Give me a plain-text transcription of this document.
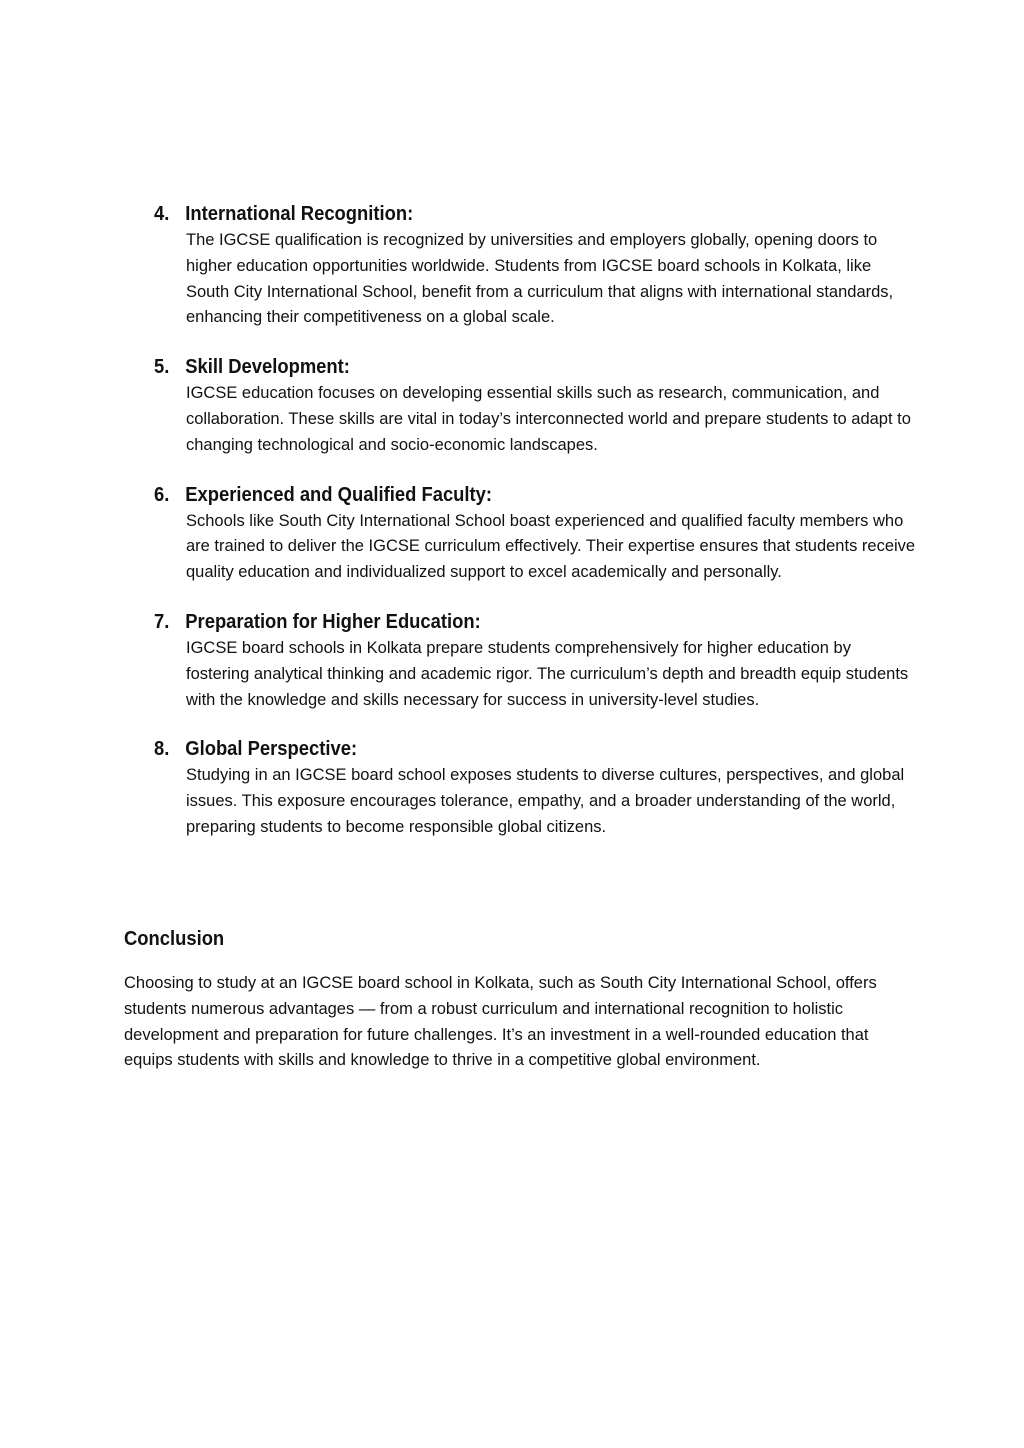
4. International Recognition:
The IGCSE qualification is recognized by universities and employers globally, opening doors to higher education opportunities worldwide. Students from IGCSE board schools in Kolkata, like South City International School, benefit from a curriculum that aligns with international standards, enhancing their competitiveness on a global scale.
5. Skill Development:
IGCSE education focuses on developing essential skills such as research, communication, and collaboration. These skills are vital in today’s interconnected world and prepare students to adapt to changing technological and socio-economic landscapes.
6. Experienced and Qualified Faculty:
Schools like South City International School boast experienced and qualified faculty members who are trained to deliver the IGCSE curriculum effectively. Their expertise ensures that students receive quality education and individualized support to excel academically and personally.
7. Preparation for Higher Education:
IGCSE board schools in Kolkata prepare students comprehensively for higher education by fostering analytical thinking and academic rigor. The curriculum’s depth and breadth equip students with the knowledge and skills necessary for success in university-level studies.
8. Global Perspective:
Studying in an IGCSE board school exposes students to diverse cultures, perspectives, and global issues. This exposure encourages tolerance, empathy, and a broader understanding of the world, preparing students to become responsible global citizens.
Conclusion
Choosing to study at an IGCSE board school in Kolkata, such as South City International School, offers students numerous advantages — from a robust curriculum and international recognition to holistic development and preparation for future challenges. It’s an investment in a well-rounded education that equips students with skills and knowledge to thrive in a competitive global environment.
